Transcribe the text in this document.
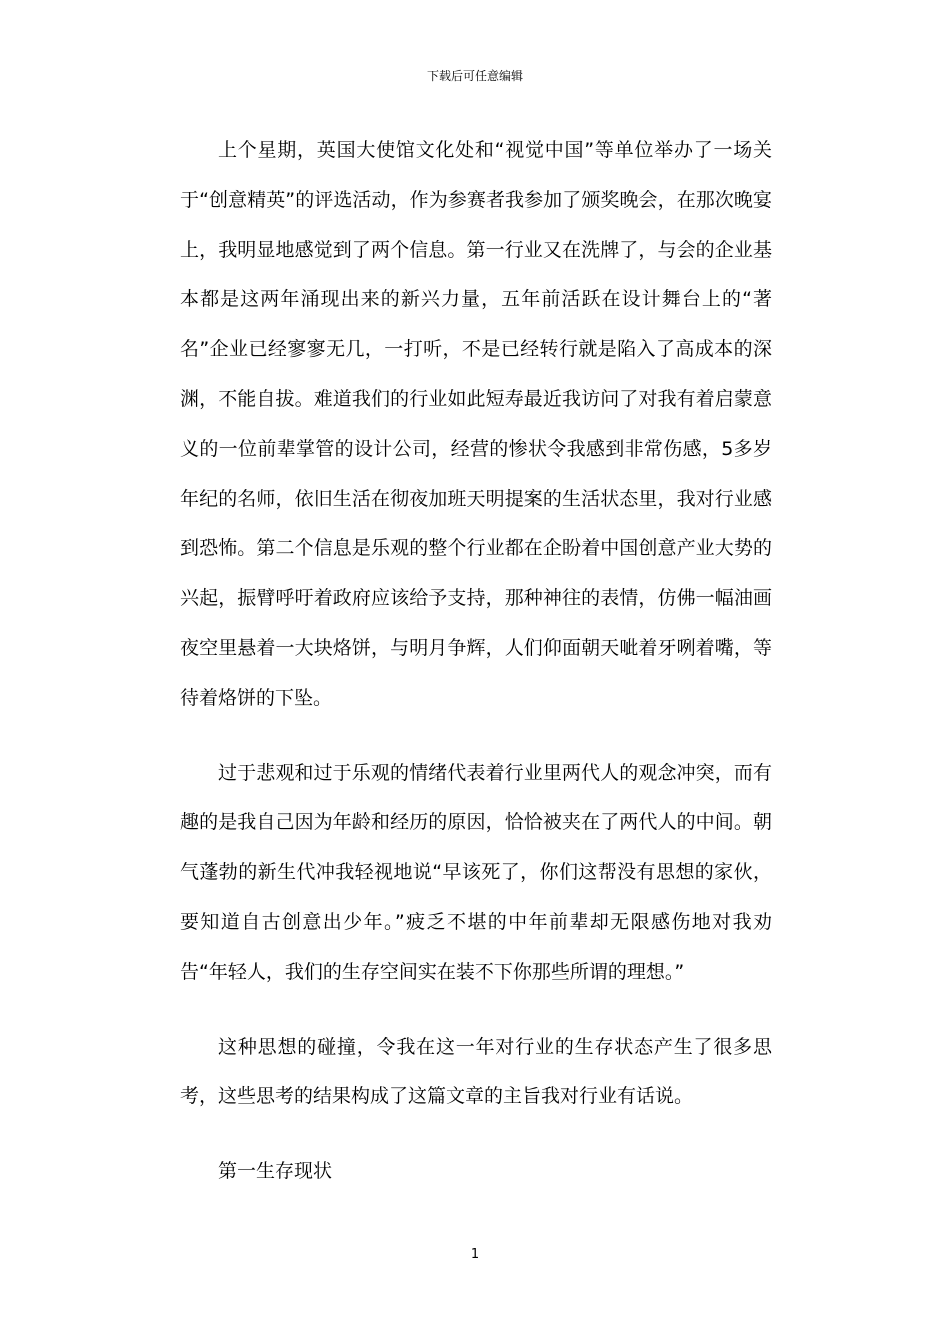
下载后可任意编辑

上个星期，英国大使馆文化处和“视觉中国”等单位举办了一场关于“创意精英”的评选活动，作为参赛者我参加了颁奖晚会，在那次晚宴上，我明显地感觉到了两个信息。第一行业又在洗牌了，与会的企业基本都是这两年涌现出来的新兴力量，五年前活跃在设计舞台上的“著名”企业已经寥寥无几，一打听，不是已经转行就是陷入了高成本的深渊，不能自拔。难道我们的行业如此短寿最近我访问了对我有着启蒙意义的一位前辈掌管的设计公司，经营的惨状令我感到非常伤感，5多岁年纪的名师，依旧生活在彻夜加班天明提案的生活状态里，我对行业感到恐怖。第二个信息是乐观的整个行业都在企盼着中国创意产业大势的兴起，振臂呼吁着政府应该给予支持，那种神往的表情，仿佛一幅油画夜空里悬着一大块烙饼，与明月争辉，人们仰面朝天呲着牙咧着嘴，等待着烙饼的下坠。

过于悲观和过于乐观的情绪代表着行业里两代人的观念冲突，而有趣的是我自己因为年龄和经历的原因，恰恰被夹在了两代人的中间。朝气蓬勃的新生代冲我轻视地说“早该死了，你们这帮没有思想的家伙，要知道自古创意出少年。”疲乏不堪的中年前辈却无限感伤地对我劝告“年轻人，我们的生存空间实在装不下你那些所谓的理想。”

这种思想的碰撞，令我在这一年对行业的生存状态产生了很多思考，这些思考的结果构成了这篇文章的主旨我对行业有话说。

第一生存现状

1
